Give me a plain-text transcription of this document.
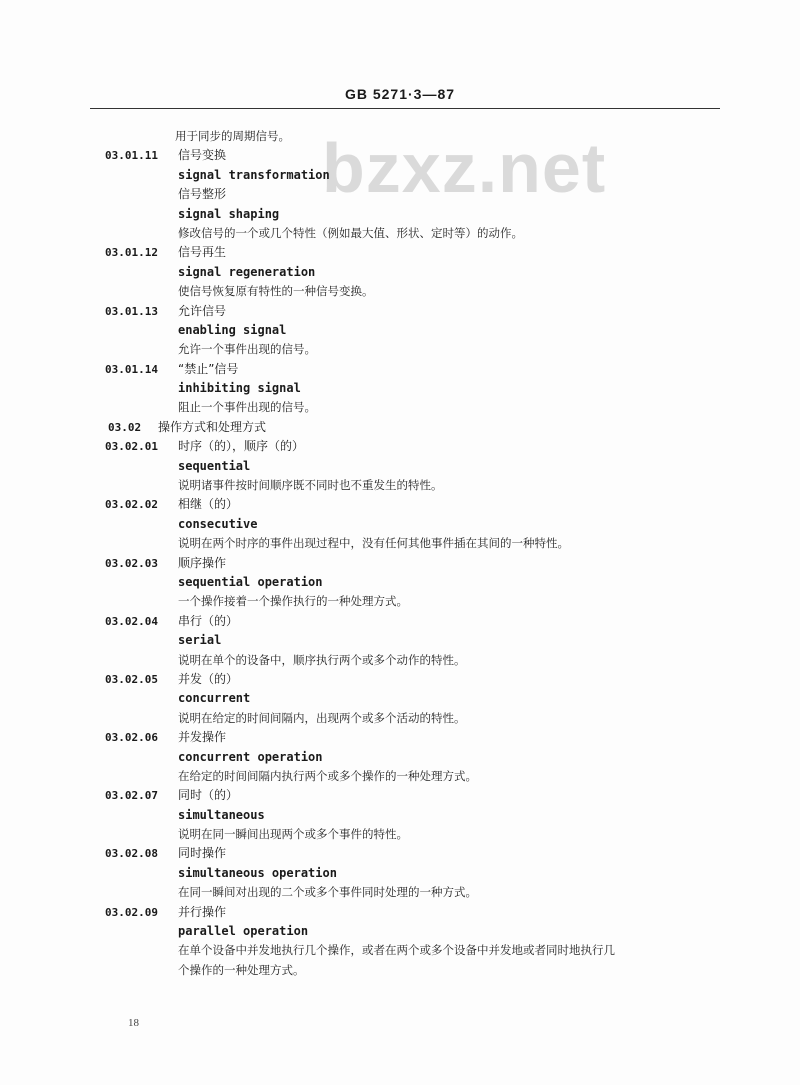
GB 5271·3—87
bzxz.net
用于同步的周期信号。
03.01.11 信号变换
signal transformation
信号整形
signal shaping
修改信号的一个或几个特性（例如最大值、形状、定时等）的动作。
03.01.12 信号再生
signal regeneration
使信号恢复原有特性的一种信号变换。
03.01.13 允许信号
enabling signal
允许一个事件出现的信号。
03.01.14 “禁止”信号
inhibiting signal
阻止一个事件出现的信号。
03.02 操作方式和处理方式
03.02.01 时序（的），顺序（的）
sequential
说明诸事件按时间顺序既不同时也不重发生的特性。
03.02.02 相继（的）
consecutive
说明在两个时序的事件出现过程中，没有任何其他事件插在其间的一种特性。
03.02.03 顺序操作
sequential operation
一个操作接着一个操作执行的一种处理方式。
03.02.04 串行（的）
serial
说明在单个的设备中，顺序执行两个或多个动作的特性。
03.02.05 并发（的）
concurrent
说明在给定的时间间隔内，出现两个或多个活动的特性。
03.02.06 并发操作
concurrent operation
在给定的时间间隔内执行两个或多个操作的一种处理方式。
03.02.07 同时（的）
simultaneous
说明在同一瞬间出现两个或多个事件的特性。
03.02.08 同时操作
simultaneous operation
在同一瞬间对出现的二个或多个事件同时处理的一种方式。
03.02.09 并行操作
parallel operation
在单个设备中并发地执行几个操作，或者在两个或多个设备中并发地或者同时地执行几
个操作的一种处理方式。
18
